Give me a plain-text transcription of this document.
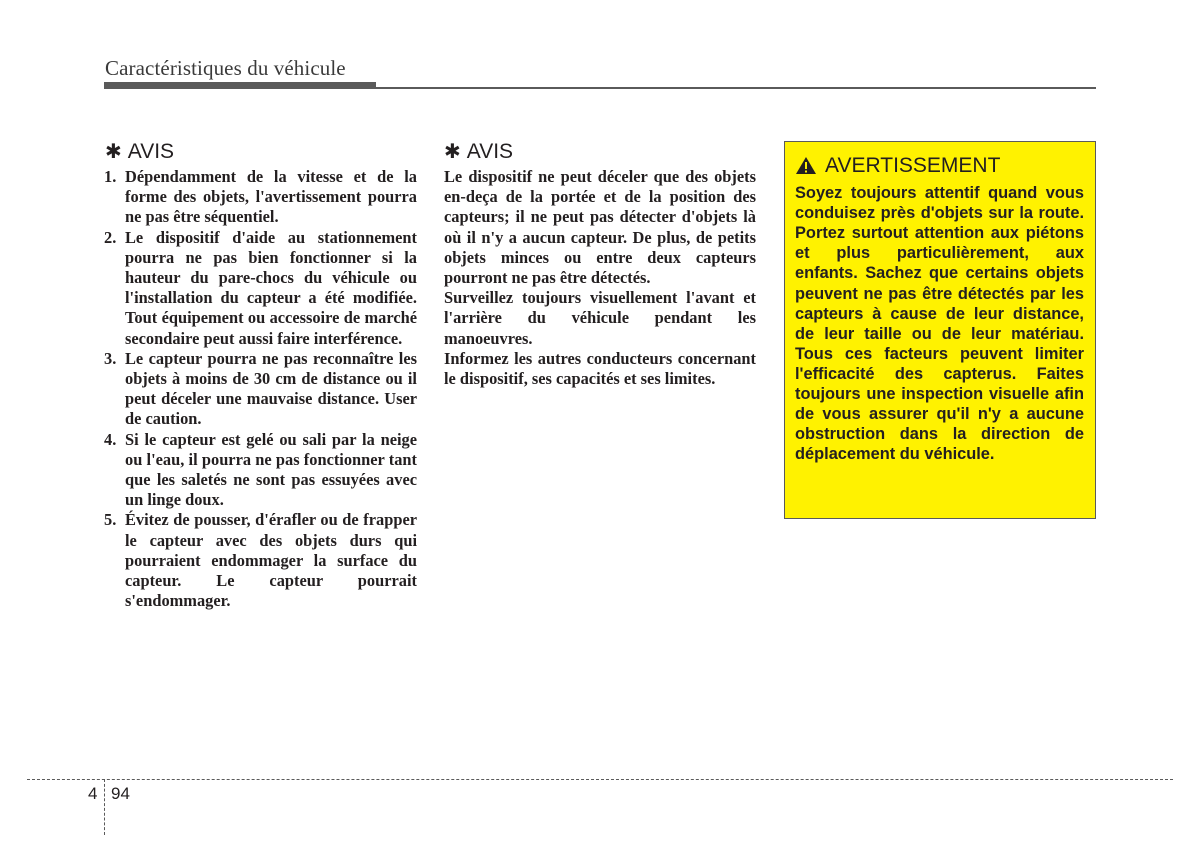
Caractéristiques du véhicule
✱ AVIS
1. Dépendamment de la vitesse et de la forme des objets, l'avertissement pourra ne pas être séquentiel.
2. Le dispositif d'aide au stationnement pourra ne pas bien fonctionner si la hauteur du pare-chocs du véhicule ou l'installation du capteur a été modifiée. Tout équipement ou accessoire de marché secondaire peut aussi faire interférence.
3. Le capteur pourra ne pas reconnaître les objets à moins de 30 cm de distance ou il peut déceler une mauvaise distance. User de caution.
4. Si le capteur est gelé ou sali par la neige ou l'eau, il pourra ne pas fonctionner tant que les saletés ne sont pas essuyées avec un linge doux.
5. Évitez de pousser, d'érafler ou de frapper le capteur avec des objets durs qui pourraient endommager la surface du capteur. Le capteur pourrait s'endommager.
✱ AVIS

Le dispositif ne peut déceler que des objets en-deça de la portée et de la position des capteurs; il ne peut pas détecter d'objets là où il n'y a aucun capteur. De plus, de petits objets minces ou entre deux capteurs pourront ne pas être détectés.

Surveillez toujours visuellement l'avant et l'arrière du véhicule pendant les manoeuvres.

Informez les autres conducteurs concernant le dispositif, ses capacités et ses limites.

AVERTISSEMENT

Soyez toujours attentif quand vous conduisez près d'objets sur la route. Portez surtout attention aux piétons et plus particulièrement, aux enfants. Sachez que certains objets peuvent ne pas être détectés par les capteurs à cause de leur distance, de leur taille ou de leur matériau. Tous ces facteurs peuvent limiter l'efficacité des capterus. Faites toujours une inspection visuelle afin de vous assurer qu'il n'y a aucune obstruction dans la direction de déplacement du véhicule.

4 94
